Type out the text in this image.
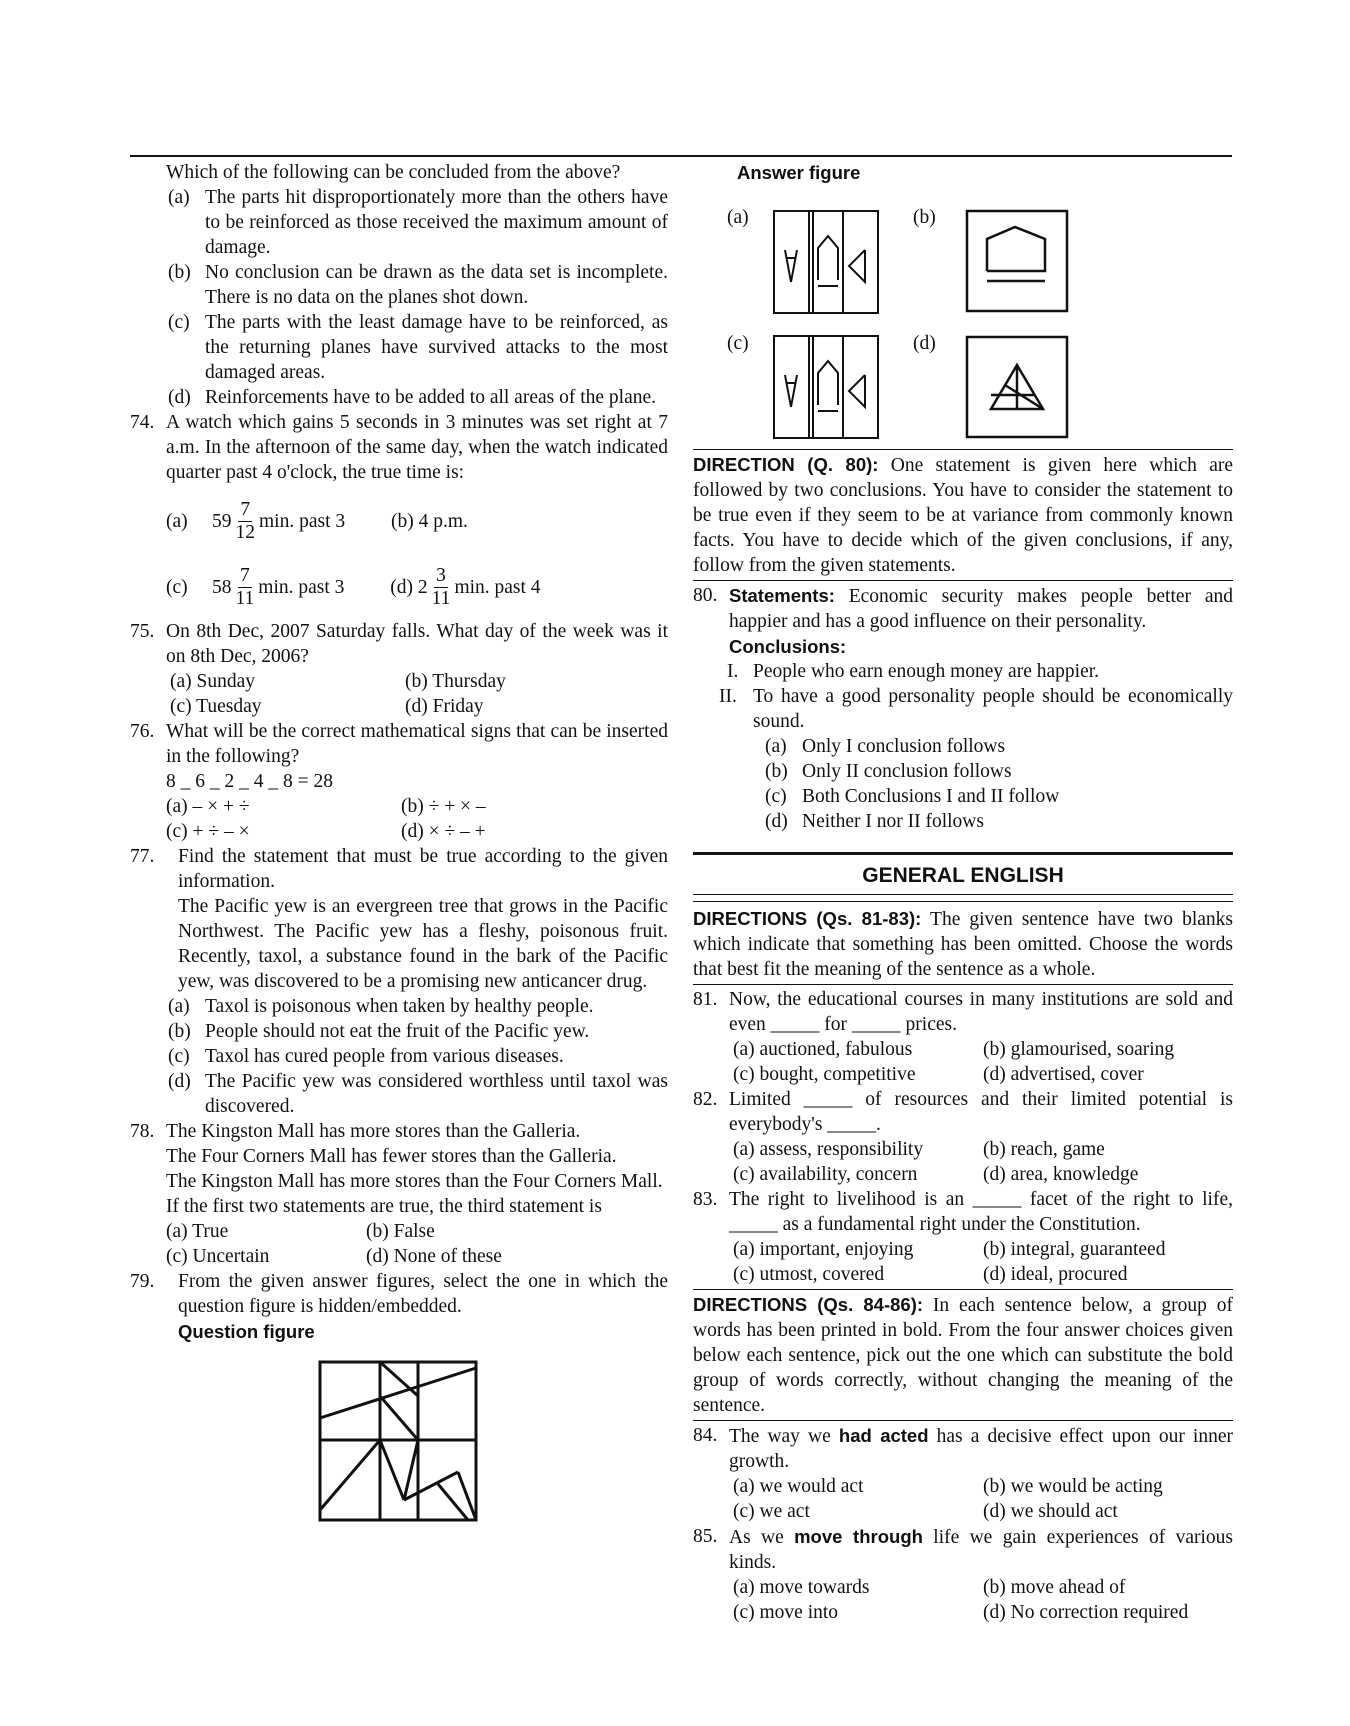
Which of the following can be concluded from the above?

(a) The parts hit disproportionately more than the others have to be reinforced as those received the maximum amount of damage.
(b) No conclusion can be drawn as the data set is incomplete. There is no data on the planes shot down.
(c) The parts with the least damage have to be reinforced, as the returning planes have survived attacks to the most damaged areas.
(d) Reinforcements have to be added to all areas of the plane.
74. A watch which gains 5 seconds in 3 minutes was set right at 7 a.m. In the afternoon of the same day, when the watch indicated quarter past 4 o'clock, the true time is:
(a)	$59 \frac{7}{12} \min$. past 3	(b) 4 p.m.
(c)	$58 \frac{7}{11} \min$. past 3	(d) $2 \frac{3}{11} \min$. past 4
75. On 8th Dec, 2007 Saturday falls. What day of the week was it on 8th Dec, 2006?
(a) Sunday	(b) Thursday
(c) Tuesday	(d) Friday
76. What will be the correct mathematical signs that can be inserted in the following?

8 _ 6 _ 2 _ 4 _ 8 = 28

(a) – × + ÷	(b) ÷ + × –
(c) + ÷ – ×	(d) × ÷ – +
77. Find the statement that must be true according to the given information.

The Pacific yew is an evergreen tree that grows in the Pacific Northwest. The Pacific yew has a fleshy, poisonous fruit. Recently, taxol, a substance found in the bark of the Pacific yew, was discovered to be a promising new anticancer drug.

(a) Taxol is poisonous when taken by healthy people.
(b) People should not eat the fruit of the Pacific yew.
(c) Taxol has cured people from various diseases.
(d) The Pacific yew was considered worthless until taxol was discovered.
78. The Kingston Mall has more stores than the Galleria.

The Four Corners Mall has fewer stores than the Galleria.

The Kingston Mall has more stores than the Four Corners Mall.

If the first two statements are true, the third statement is

(a) True	(b) False
(c) Uncertain	(d) None of these
79. From the given answer figures, select the one in which the question figure is hidden/embedded.

Question figure

Answer figure

(a)	(b)
(c)	(d)

DIRECTION (Q. 80): One statement is given here which are followed by two conclusions. You have to consider the statement to be true even if they seem to be at variance from commonly known facts. You have to decide which of the given conclusions, if any, follow from the given statements.

80. Statements: Economic security makes people better and happier and has a good influence on their personality.

Conclusions:

I. People who earn enough money are happier.
II. To have a good personality people should be economically sound.
(a) Only I conclusion follows
(b) Only II conclusion follows
(c) Both Conclusions I and II follow
(d) Neither I nor II follows
GENERAL ENGLISH

DIRECTIONS (Qs. 81-83): The given sentence have two blanks which indicate that something has been omitted. Choose the words that best fit the meaning of the sentence as a whole.

81. Now, the educational courses in many institutions are sold and even _____ for _____ prices.
(a) auctioned, fabulous	(b) glamourised, soaring
(c) bought, competitive	(d) advertised, cover
82. Limited _____ of resources and their limited potential is everybody's _____.
(a) assess, responsibility	(b) reach, game
(c) availability, concern	(d) area, knowledge
83. The right to livelihood is an _____ facet of the right to life, _____ as a fundamental right under the Constitution.
(a) important, enjoying	(b) integral, guaranteed
(c) utmost, covered	(d) ideal, procured

DIRECTIONS (Qs. 84-86): In each sentence below, a group of words has been printed in bold. From the four answer choices given below each sentence, pick out the one which can substitute the bold group of words correctly, without changing the meaning of the sentence.

84. The way we had acted has a decisive effect upon our inner growth.
(a) we would act	(b) we would be acting
(c) we act	(d) we should act
85. As we move through life we gain experiences of various kinds.
(a) move towards	(b) move ahead of
(c) move into	(d) No correction required
